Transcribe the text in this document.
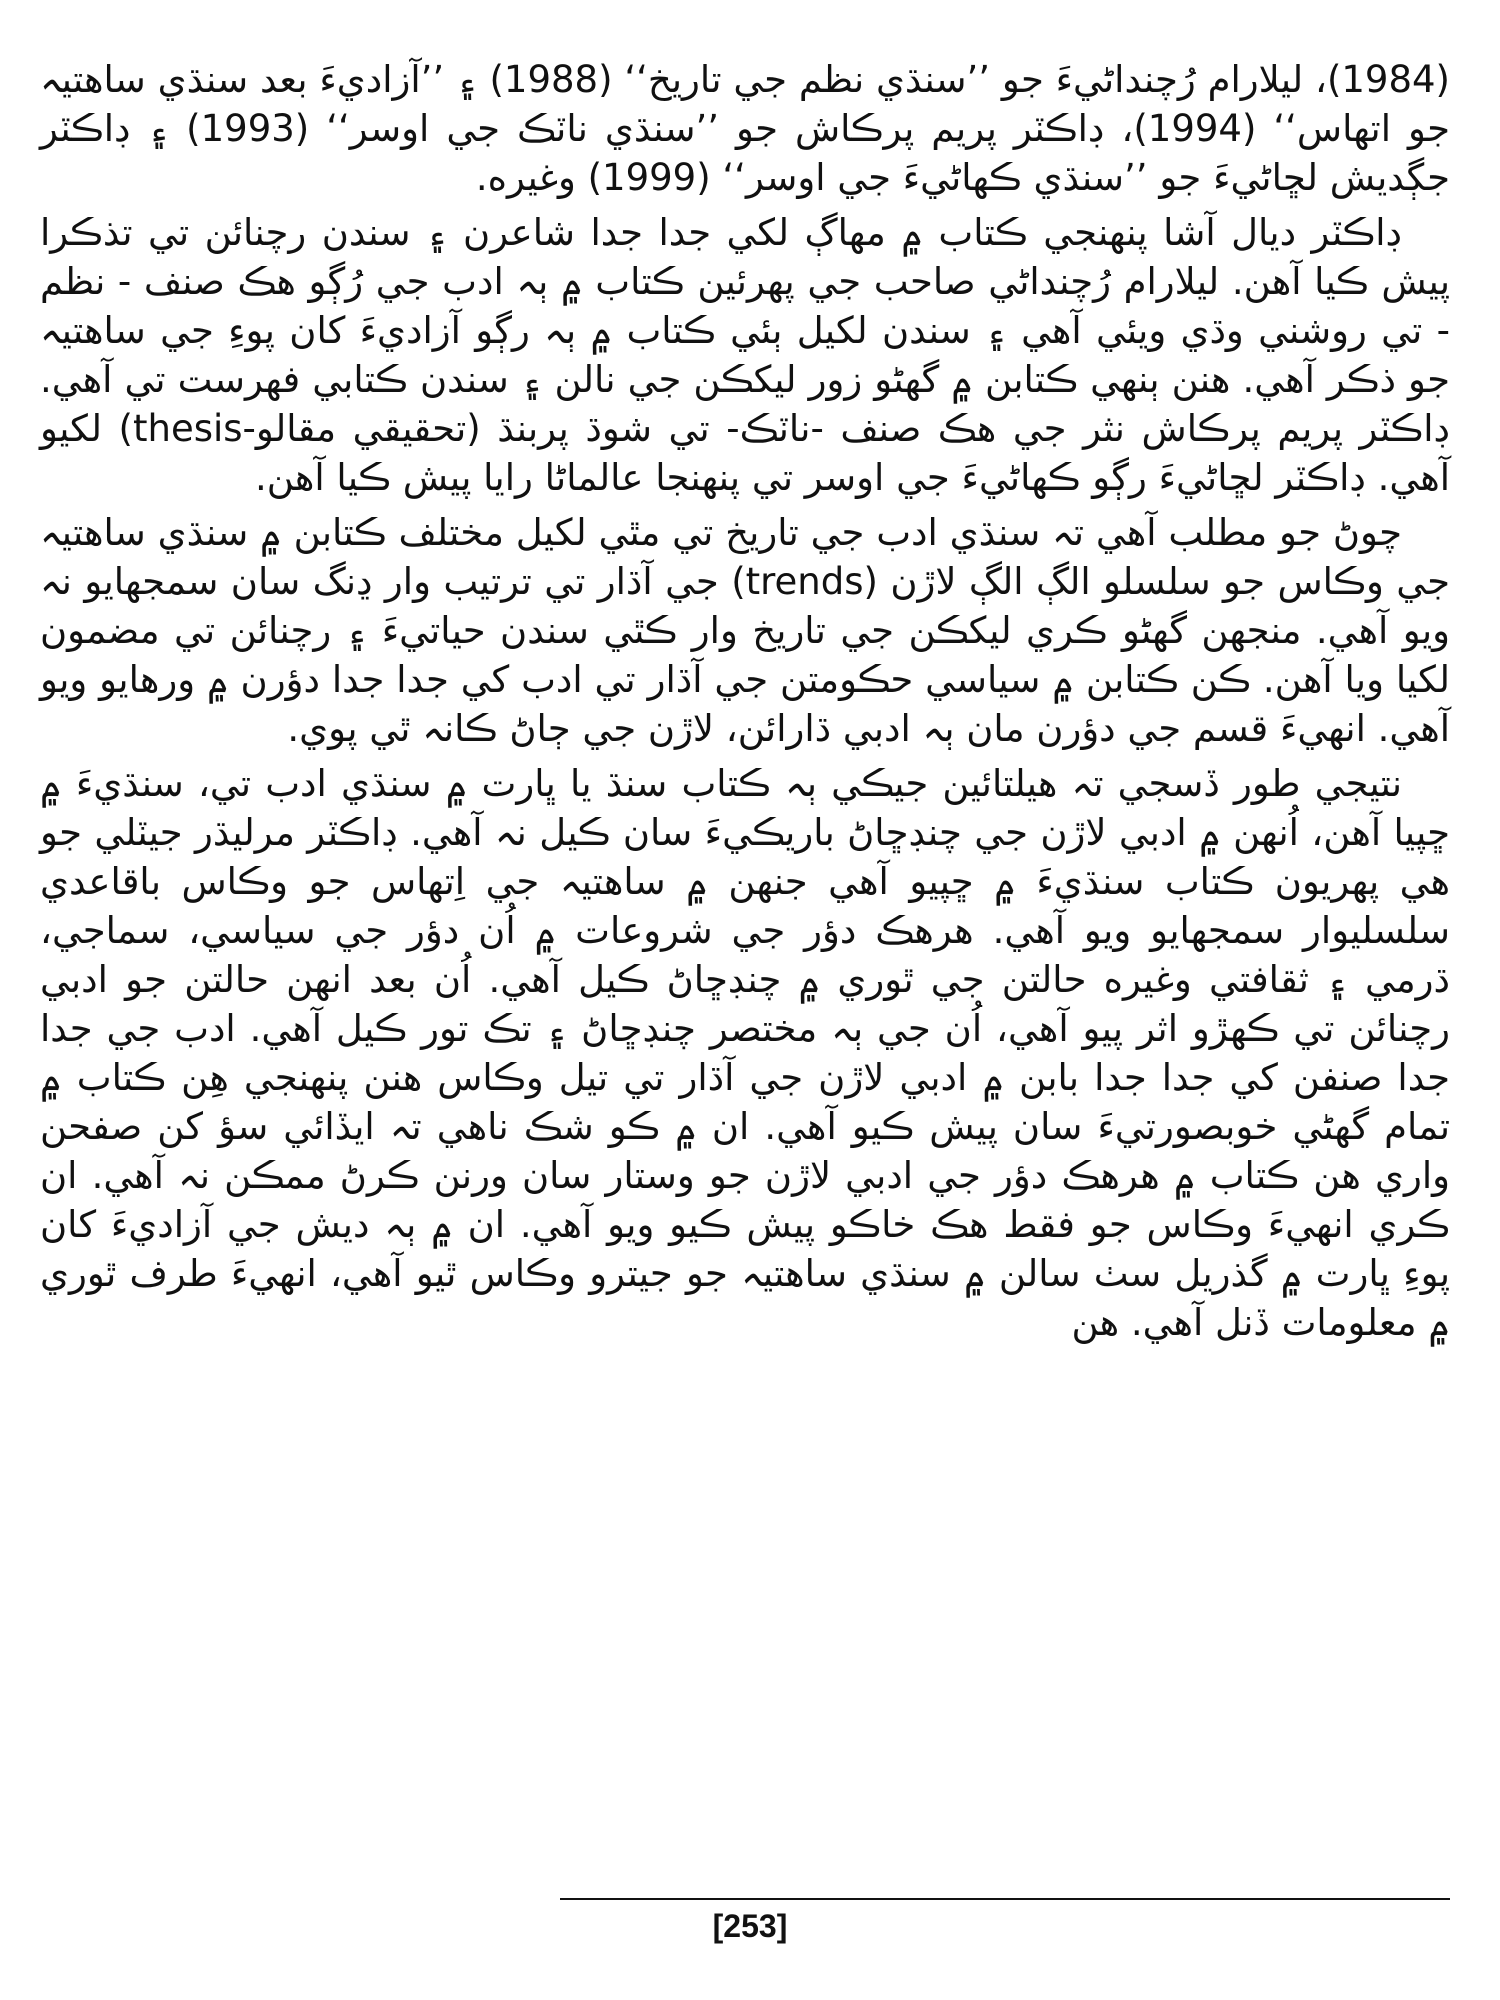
(1984)، ليلارام رُچنداڻيءَ جو ’’سنڌي نظم جي تاريخ‘‘ (1988) ۽ ’’آزاديءَ بعد سنڌي ساهتيہ جو اتهاس‘‘ (1994)، ڊاڪٽر پريم پرڪاش جو ’’سنڌي ناٽڪ جي اوسر‘‘ (1993) ۽ ڊاڪٽر جڳديش لڇاڻيءَ جو ’’سنڌي ڪهاڻيءَ جي اوسر‘‘ (1999) وغيره.

ڊاڪٽر ديال آشا پنهنجي ڪتاب ۾ مهاڳ لکي جدا جدا شاعرن ۽ سندن رچنائن تي تذڪرا پيش ڪيا آهن. ليلارام رُچنداڻي صاحب جي پهرئين ڪتاب ۾ ٻہ ادب جي رُڳو هڪ صنف - نظم - تي روشني وڌي ويئي آهي ۽ سندن لکيل ٻئي ڪتاب ۾ ٻہ رڳو آزاديءَ کان پوءِ جي ساهتيہ جو ذڪر آهي. هنن ٻنهي ڪتابن ۾ گهڻو زور ليکڪن جي نالن ۽ سندن ڪتابي فهرست تي آهي. ڊاڪٽر پريم پرڪاش نثر جي هڪ صنف -ناٽڪ- تي شوڌ پربنڌ (تحقيقي مقالو-thesis) لکيو آهي. ڊاڪٽر لڇاڻيءَ رڳو ڪهاڻيءَ جي اوسر تي پنهنجا عالماڻا رايا پيش ڪيا آهن.

چوڻ جو مطلب آهي تہ سنڌي ادب جي تاريخ تي مٿي لکيل مختلف ڪتابن ۾ سنڌي ساهتيہ جي وڪاس جو سلسلو الڳ الڳ لاڙن (trends) جي آڌار تي ترتيب وار ڍنگ سان سمجهايو نہ ويو آهي. منجهن گهڻو ڪري ليکڪن جي تاريخ وار ڪٿي سندن حياتيءَ ۽ رچنائن تي مضمون لکيا ويا آهن. ڪن ڪتابن ۾ سياسي حڪومتن جي آڌار تي ادب کي جدا جدا دؤرن ۾ ورهايو ويو آهي. انهيءَ قسم جي دؤرن مان ٻہ ادبي ڌارائن، لاڙن جي ڄاڻ ڪانہ ٿي پوي.

نتيجي طور ڏسجي تہ هيلتائين جيڪي ٻہ ڪتاب سنڌ يا ڀارت ۾ سنڌي ادب تي، سنڌيءَ ۾ ڇپيا آهن، اُنهن ۾ ادبي لاڙن جي چنڊڇاڻ باريڪيءَ سان ڪيل نہ آهي. ڊاڪٽر مرليڌر جيٽلي جو هي پهريون ڪتاب سنڌيءَ ۾ ڇپيو آهي جنهن ۾ ساهتيہ جي اِتهاس جو وڪاس باقاعدي سلسليوار سمجهايو ويو آهي. هرهڪ دؤر جي شروعات ۾ اُن دؤر جي سياسي، سماجي، ڌرمي ۽ ثقافتي وغيره حالتن جي ٿوري ۾ چنڊڇاڻ ڪيل آهي. اُن بعد انهن حالتن جو ادبي رچنائن تي ڪهڙو اثر پيو آهي، اُن جي ٻہ مختصر چنڊڇاڻ ۽ تڪ تور ڪيل آهي. ادب جي جدا جدا صنفن کي جدا جدا بابن ۾ ادبي لاڙن جي آڌار تي تيل وڪاس هنن پنهنجي هِن ڪتاب ۾ تمام گهڻي خوبصورتيءَ سان پيش ڪيو آهي. ان ۾ ڪو شڪ ناهي تہ ايڏائي سؤ کن صفحن واري هن ڪتاب ۾ هرهڪ دؤر جي ادبي لاڙن جو وستار سان ورنن ڪرڻ ممڪن نہ آهي. ان ڪري انهيءَ وڪاس جو فقط هڪ خاڪو پيش ڪيو ويو آهي. ان ۾ ٻہ ديش جي آزاديءَ کان پوءِ ڀارت ۾ گذريل سٺ سالن ۾ سنڌي ساهتيہ جو جيترو وڪاس ٿيو آهي، انهيءَ طرف ٿوري ۾ معلومات ڏنل آهي. هن

[253]
